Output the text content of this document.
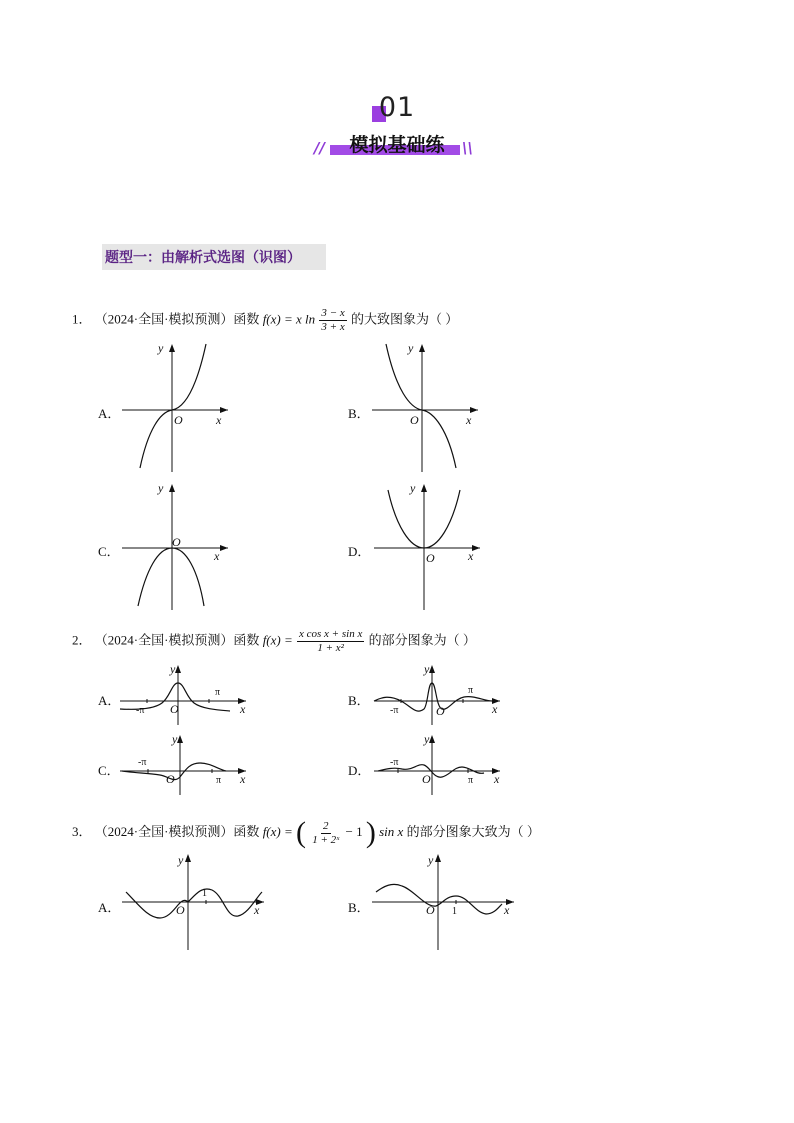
01
模拟基础练
//	\\
题型一：由解析式选图（识图）
1． （2024·全国·模拟预测）函数 f(x) = x $\ln \frac{3 - x}{3 + x}$ 的大致图象为（ ）
A．	B．
C．	D．
y
x
O
y
x
O
y
x
O
y
x
O
2． （2024·全国·模拟预测）函数 $f(x) = \frac{\text{x cos x + sin x}}{\text{1 + x²}}$ 的部分图象为（ ）
A．	B．
C．	D．
y
x
O
-π
π
y
x
O
-π
π
y
x
O
-π
π
y
x
O
-π
π
3． （2024·全国·模拟预测）函数 f(x) = ( $\frac{2}{\text{1 + 2ˣ}} - 1$ ) sin x 的部分图象大致为（ ）
A．	B．
y
x
O
1
y
x
O 1
